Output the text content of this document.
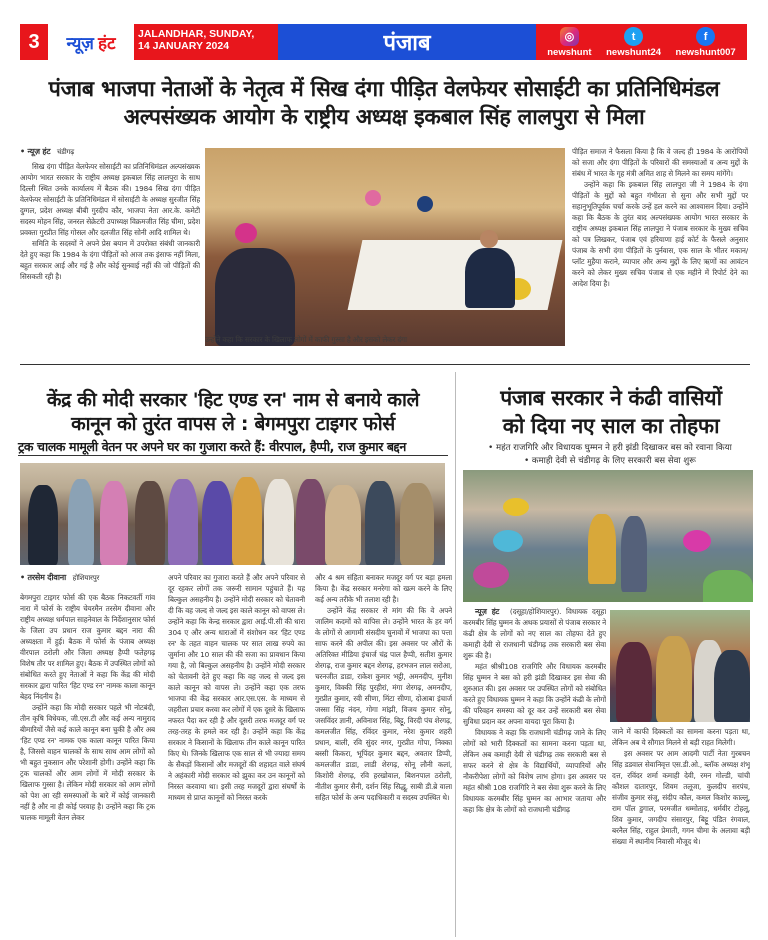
3	न्यूज़ हंट JALANDHAR, SUNDAY,
14 JANUARY 2024	पंजाब	◎
newshunt
t
newshunt24
f
newshunt007
पंजाब भाजपा नेताओं के नेतृत्व में सिख दंगा पीड़ित वेलफेयर सोसाईटी का प्रतिनिधिमंडल
अल्पसंख्यक आयोग के राष्ट्रीय अध्यक्ष इकबाल सिंह लालपुरा से मिला
• न्यूज़ हंट चंडीगढ़

सिख दंगा पीड़ित वेलफेयर सोसाईटी का प्रतिनिधिमंडल अल्पसंख्यक आयोग भारत सरकार के राष्ट्रीय अध्यक्ष इकबाल सिंह लालपुरा के साथ दिल्ली स्थित उनके कार्यालय में बैठक की। 1984 सिख दंगा पीड़ित वेलफेयर सोसाईटी के प्रतिनिधिमंडल में सोसाईटी के अध्यक्ष सुरजीत सिंह दुग्गल, प्रदेश अध्यक्ष बीबी गुरदीप कौर, भाजपा नेता आर.के. कमेटी सदस्य मोहन सिंह, जनरल सेक्रेटरी उपाध्यक्ष विक्रमजीत सिंह चीमा, प्रदेश प्रवक्ता गुरप्रीत सिंह गोसल और दलजीत सिंह सोनी आदि शामिल थे।

समिति के सदस्यों ने अपने प्रेस बयान में उपरोक्त संबंधी जानकारी देते हुए कहा कि 1984 के दंगा पीड़ितों को आज तक इंसाफ नहीं मिला, बहुत सरकार आई और गई है और कोई सुनवाई नहीं की जो पीड़ितों की सिसकती रही है।

उन्होंने कहा कि सरकार के खिलाफ लोगों में काफी गुस्सा है और इसको लेकर दंगा

पीड़ित समाज ने फैसला किया है कि वे जल्द ही 1984 के आरोपियों को सजा और दंगा पीड़ितों के परिवारों की समस्याओं व अन्य मुद्दों के संबंध में भारत के गृह मंत्री अमित शाह से मिलने का समय मांगेंगे।

उन्होंने कहा कि इकबाल सिंह लालपुरा जी ने 1984 के दंगा पीड़ितों के मुद्दों को बहुत गंभीरता से सुना और सभी मुद्दों पर सहानुभूतिपूर्वक चर्चा करके उन्हें हल करने का आश्वासन दिया। उन्होंने कहा कि बैठक के तुरंत बाद अल्पसंख्यक आयोग भारत सरकार के राष्ट्रीय अध्यक्ष इकबाल सिंह लालपुरा ने पंजाब सरकार के मुख्य सचिव को पत्र लिखकर, पंजाब एवं हरियाणा हाई कोर्ट के फैसले अनुसार पंजाब के सभी दंगा पीड़ितों के पुर्नवास, एक साल के भीतर मकान/प्लॉट मुहैया कराने, व्यापार और अन्य मुद्दों के लिए ऋणों का आवंटन करने को लेकर मुख्य सचिव पंजाब से एक महीने में रिपोर्ट देने का आदेश दिया है।

केंद्र की मोदी सरकार 'हिट एण्ड रन' नाम से बनाये काले
कानून को तुरंत वापस ले : बेगमपुरा टाइगर फोर्स
ट्रक चालक मामूली वेतन पर अपने घर का गुजारा करते हैं: वीरपाल, हैप्पी, राज कुमार बद्दन
• तरसेम दीवाना होशियारपुर

बेगमपुरा टाइगर फोर्स की एक बैठक निकटवर्ती गांव नारा में फोर्स के राष्ट्रीय चेयरमैन तरसेम दीवाना और राष्ट्रीय अध्यक्ष धर्मपाल साहनेवाल के निर्देशानुसार फोर्स के जिला उप प्रधान राज कुमार बद्दन नारा की अध्यक्षता में हुई। बैठक में फोर्स के पंजाब अध्यक्ष वीरपाल ठरोली और जिला अध्यक्ष हैप्पी फतेहगढ़ विशेष तौर पर शामिल हुए। बैठक में उपस्थित लोगों को संबोधित करते हुए नेताओं ने कहा कि केंद्र की मोदी सरकार द्वारा पारित 'हिट एण्ड रन' नामक काला कानून बेहद निंदनीय है।

उन्होंने कहा कि मोदी सरकार पहले भी नोटबंदी, तीन कृषि विधेयक, जी.एस.टी और कई अन्य नामुराद बीमारियों जैसे कई काले कानून बना चुकी है और अब 'हिट एण्ड रन' नामक एक काला कानून पारित किया है, जिससे वाहन चालकों के साथ साथ आम लोगों को भी बहुत नुकसान और परेशानी होगी। उन्होंने कहा कि ट्रक चालकों और आम लोगों में मोदी सरकार के खिलाफ गुस्सा है। लेकिन मोदी सरकार को आम लोगों को पेश आ रही समस्याओं के बारे में कोई जानकारी नहीं है और ना ही कोई परवाह है। उन्होंने कहा कि ट्रक चालक मामूली वेतन लेकर

अपने परिवार का गुजारा करते हैं और अपने परिवार से दूर रहकर लोगों तक जरूरी सामान पहुंचाते हैं। यह बिल्कुल असहनीय है। उन्होंने मोदी सरकार को चेतावनी दी कि वह जल्द से जल्द इस काले कानून को वापस ले। उन्होंने कहा कि केन्द्र सरकार द्वारा आई.पी.सी की धारा 304 ए और अन्य धाराओं में संशोधन कर 'हिट एण्ड रन' के तहत वाहन चालक पर सात लाख रुपये का जुर्माना और 10 साल की की सजा का प्रावधान किया गया है, जो बिल्कुल असहनीय है। उन्होंने मोदी सरकार को चेतावनी देते हुए कहा कि वह जल्द से जल्द इस काले कानून को वापस ले। उन्होंने कहा एक तरफ भाजपा की केंद्र सरकार आर.एस.एस. के माध्यम से जहरीला प्रचार करवा कर लोगों में एक दूसरे के खिलाफ नफरत पैदा कर रही है और दूसरी तरफ मजदूर वर्ग पर तरह-तरह के हमले कर रही है। उन्होंने कहा कि केंद्र सरकार ने किसानों के खिलाफ तीन काले कानून पारित किए थे। जिनके खिलाफ एक साल से भी ज्यादा समय के सैकड़ों किसानों और मजदूरों की शहादत वाले संघर्ष ने अहंकारी मोदी सरकार को झुका कर उन कानूनों को निरस्त करवाया था। इसी तरह मजदूरों द्वारा संघर्षों के माध्यम से प्राप्त कानूनों को निरस्त करके

और 4 श्रम संहिता बनाकर मजदूर वर्ग पर बड़ा हमला किया है। केंद्र सरकार मनरेगा को खत्म करने के लिए कई अन्य तरीके भी तलाश रही है।

उन्होंने केंद्र सरकार से मांग की कि वे अपने जालिम कदमों को वापिस ले। उन्होंने भारत के हर वर्ग के लोगों से आगामी संसदीय चुनावों में भाजपा का पत्ता साफ करने की अपील की। इस अवसर पर औरों के अतिरिक्त मीडिया इंचार्ज चंद्र पाल हैप्पी, सतीश कुमार शेरगढ़, राज कुमार बद्दन शेरगढ़, हरभजन लाल सरोआ, चरनजीत डाडा, राकेश कुमार भट्ठी, अमनदीप, मुनीश कुमार, विक्की सिंह पुरहीरां, मंगा शेरगढ़, अमनदीप, गुरप्रीत कुमार, रवी सीणा, मिंटा सीणा, दोआबा इंचार्ज जस्सा सिंह नंदन, गोगा मांझी, विजय कुमार सोनू, जसविंदर ज्ञानी, अविनाश सिंह, बिट्टू, विरदी पंच शेरगढ़, कमलजीत सिंह, रविंदर कुमार, नरेश कुमार शहरी प्रधान, बाली, रवि सुंदर नगर, गुरप्रीत गोपा, निक्का बस्सी किकरा, भूपिंदर कुमार बद्दन, अवतार डिप्पी, कमलजीत डाडा, लाडी शेरगढ़, सोनू लौनी कलां, किशोरी शेरगढ़, रवि हरखोवाल, बिशनपाल ठरोली, नीतीश कुमार सैनी, दर्शन सिंह सिद्धू, साबी डी.ब्रे वाला सहित फोर्स के अन्य पदाधिकारी व सदस्य उपस्थित थे।

पंजाब सरकार ने कंढी वासियों
को दिया नए साल का तोहफा
• महंत राजगिरि और विधायक घुम्मन ने हरी झंडी दिखाकर बस को रवाना किया
• कमाही देवी से चंडीगढ़ के लिए सरकारी बस सेवा शुरू

न्यूज़ हंट (दसूहा/होशियारपुर). विधायक दसूहा करमबीर सिंह घुम्मन के अथक प्रयासों से पंजाब सरकार ने कंढी क्षेत्र के लोगों को नए साल का तोहफा देते हुए कमाही देवी से राजधानी चंडीगढ़ तक सरकारी बस सेवा शुरू की है।

महंत श्रीश्री108 राजगिरि और विधायक करमबीर सिंह घुम्मन ने बस को हरी झंडी दिखाकर इस सेवा की शुरुआत की। इस अवसर पर उपस्थित लोगों को संबोधित करते हुए विधायक घुम्मन ने कहा कि उन्होंने कंढी के लोगों की परिवहन समस्या को दूर कर उन्हें सरकारी बस सेवा सुविधा प्रदान कर अपना वायदा पूरा किया है।

विधायक ने कहा कि राजधानी चंडीगढ़ जाने के लिए लोगों को भारी दिक्कतों का सामना करना पड़ता था, लेकिन अब कमाही देवी से चंडीगढ़ तक सरकारी बस से सफर करने से क्षेत्र के विद्यार्थियों, व्यापारियों और नौकरीपेशा लोगों को विशेष लाभ होगा। इस अवसर पर महंत श्रीश्री 108 राजगिरि ने बस सेवा शुरू करने के लिए विधायक करमबीर सिंह घुम्मन का आभार जताया और कहा कि क्षेत्र के लोगों को राजधानी चंडीगढ़

जाने में काफी दिक्कतों का सामना करना पड़ता था, लेकिन अब ये सौगात मिलने से बड़ी राहत मिलेगी।

इस अवसर पर आम आदमी पार्टी नेता गुरबचन सिंह डडवाल सेवानिवृत्त एस.डी.ओ., ब्लॉक अध्यक्ष शंभू दत्त, रविंदर शर्मा कमाही देवी, रमन गोल्डी, चांची कौशल दातारपुर, शिवम तलूजा, कुलदीप सरपंच, संजीव कुमार संजू, संदीप कौल, कमल किशोर काल्लू, राम पॉल डुगाल, परमजीत धम्मोताड़, धर्मवीर टोहलू, शिव कुमार, जगदीप संसारपुर, बिट्टू पंडित रंगवाल, बरनैल सिंह, राहुल प्रेमाती, गगन चीमा के अलावा बड़ी संख्या में स्थानीय निवासी मौजूद थे।
